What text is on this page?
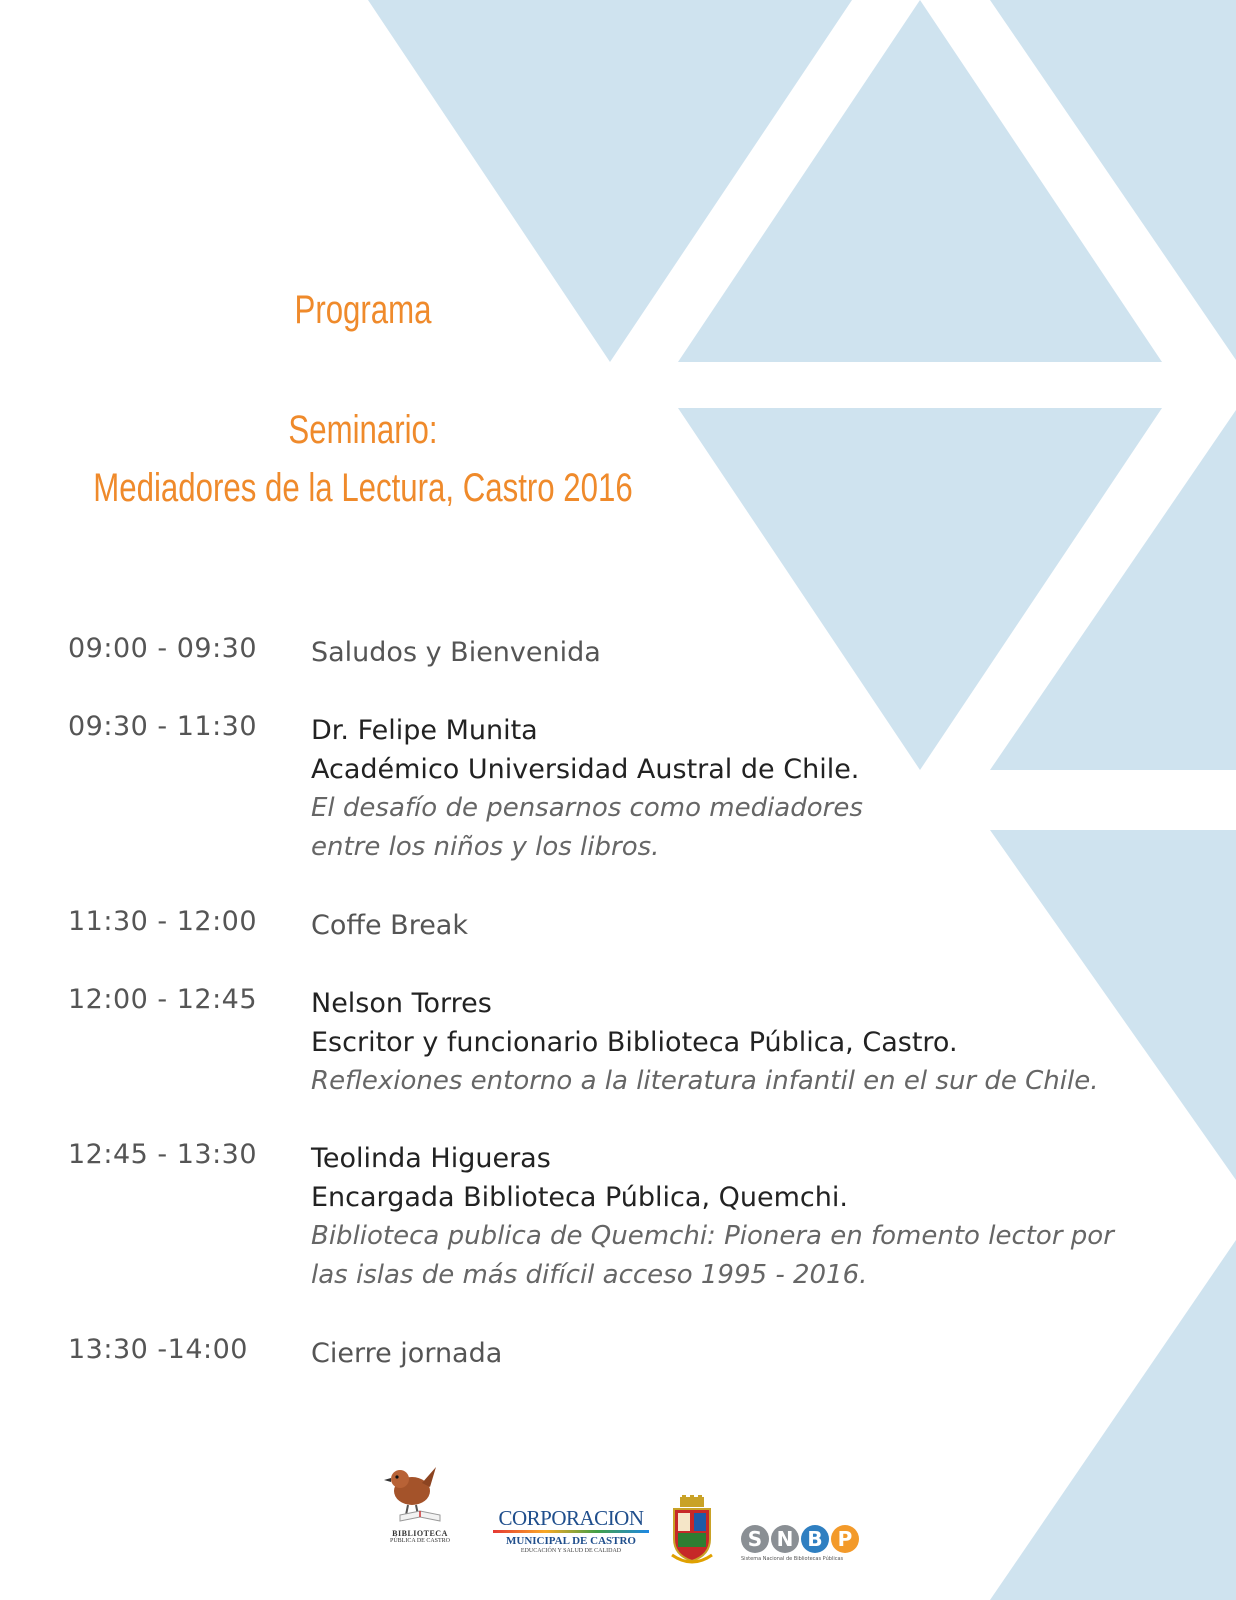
Programa
Seminario:
Mediadores de la Lectura, Castro 2016
09:00 - 09:30 Saludos y Bienvenida
09:30 - 11:30 Dr. Felipe Munita
Académico Universidad Austral de Chile.
El desafío de pensarnos como mediadores
entre los niños y los libros.
11:30 - 12:00 Coffe Break
12:00 - 12:45 Nelson Torres
Escritor y funcionario Biblioteca Pública, Castro.
Reflexiones entorno a la literatura infantil en el sur de Chile.
12:45 - 13:30 Teolinda Higueras
Encargada Biblioteca Pública, Quemchi.
Biblioteca publica de Quemchi: Pionera en fomento lector por
las islas de más difícil acceso 1995 - 2016.
13:30 -14:00 Cierre jornada
BIBLIOTECA
PÚBLICA DE CASTRO
CORPORACION
MUNICIPAL DE CASTRO
EDUCACIÓN Y SALUD DE CALIDAD	S N B P
Sistema Nacional de Bibliotecas Públicas
